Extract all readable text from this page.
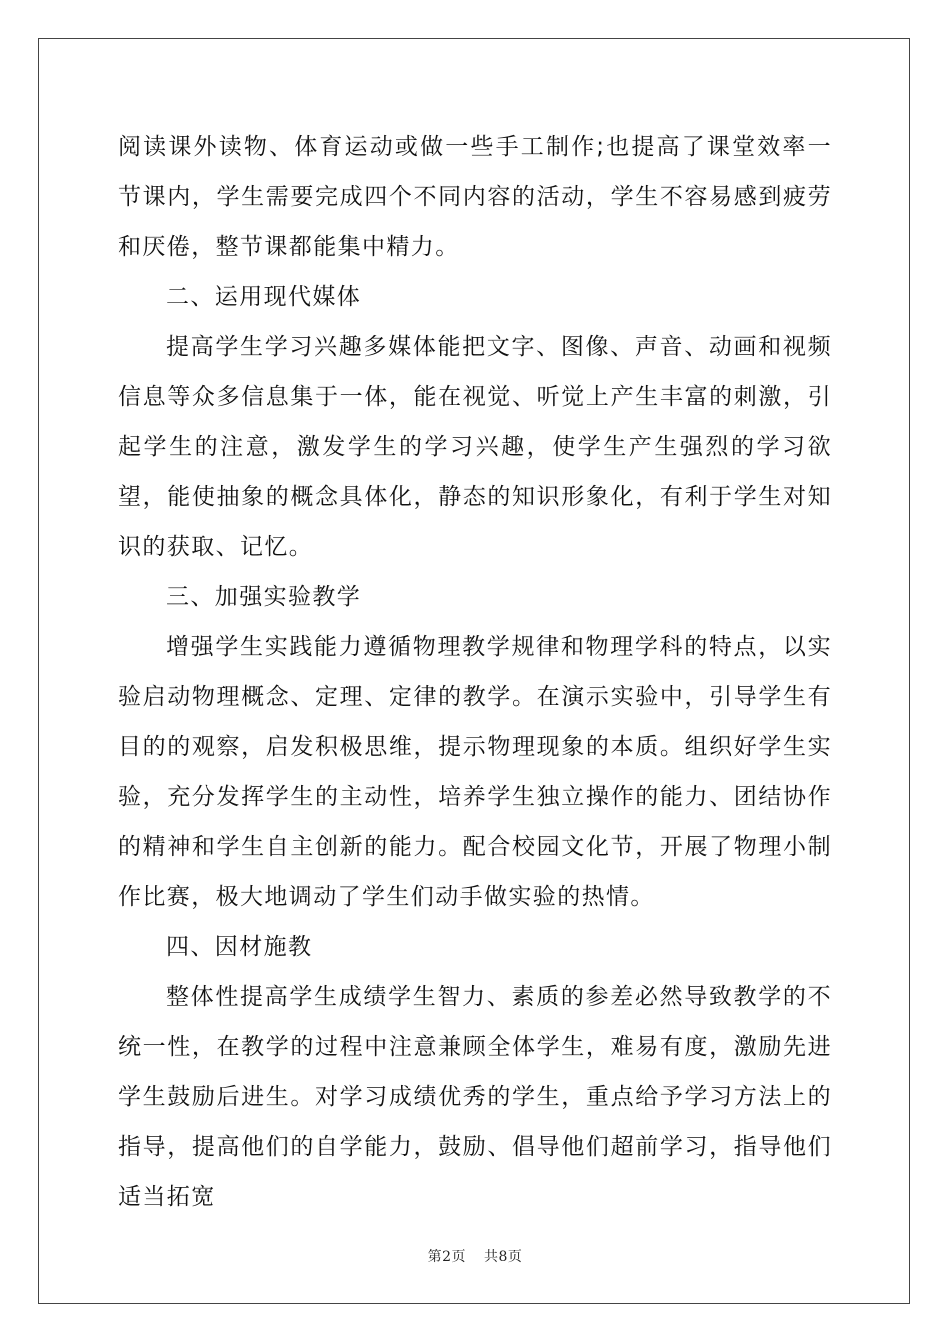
阅读课外读物、体育运动或做一些手工制作;也提高了课堂效率一节课内，学生需要完成四个不同内容的活动，学生不容易感到疲劳和厌倦，整节课都能集中精力。

二、运用现代媒体

提高学生学习兴趣多媒体能把文字、图像、声音、动画和视频信息等众多信息集于一体，能在视觉、听觉上产生丰富的刺激，引起学生的注意，激发学生的学习兴趣，使学生产生强烈的学习欲望，能使抽象的概念具体化，静态的知识形象化，有利于学生对知识的获取、记忆。

三、加强实验教学

增强学生实践能力遵循物理教学规律和物理学科的特点，以实验启动物理概念、定理、定律的教学。在演示实验中，引导学生有目的的观察，启发积极思维，提示物理现象的本质。组织好学生实验，充分发挥学生的主动性，培养学生独立操作的能力、团结协作的精神和学生自主创新的能力。配合校园文化节，开展了物理小制作比赛，极大地调动了学生们动手做实验的热情。

四、因材施教

整体性提高学生成绩学生智力、素质的参差必然导致教学的不统一性，在教学的过程中注意兼顾全体学生，难易有度，激励先进学生鼓励后进生。对学习成绩优秀的学生，重点给予学习方法上的指导，提高他们的自学能力，鼓励、倡导他们超前学习，指导他们适当拓宽

第2页 共8页
